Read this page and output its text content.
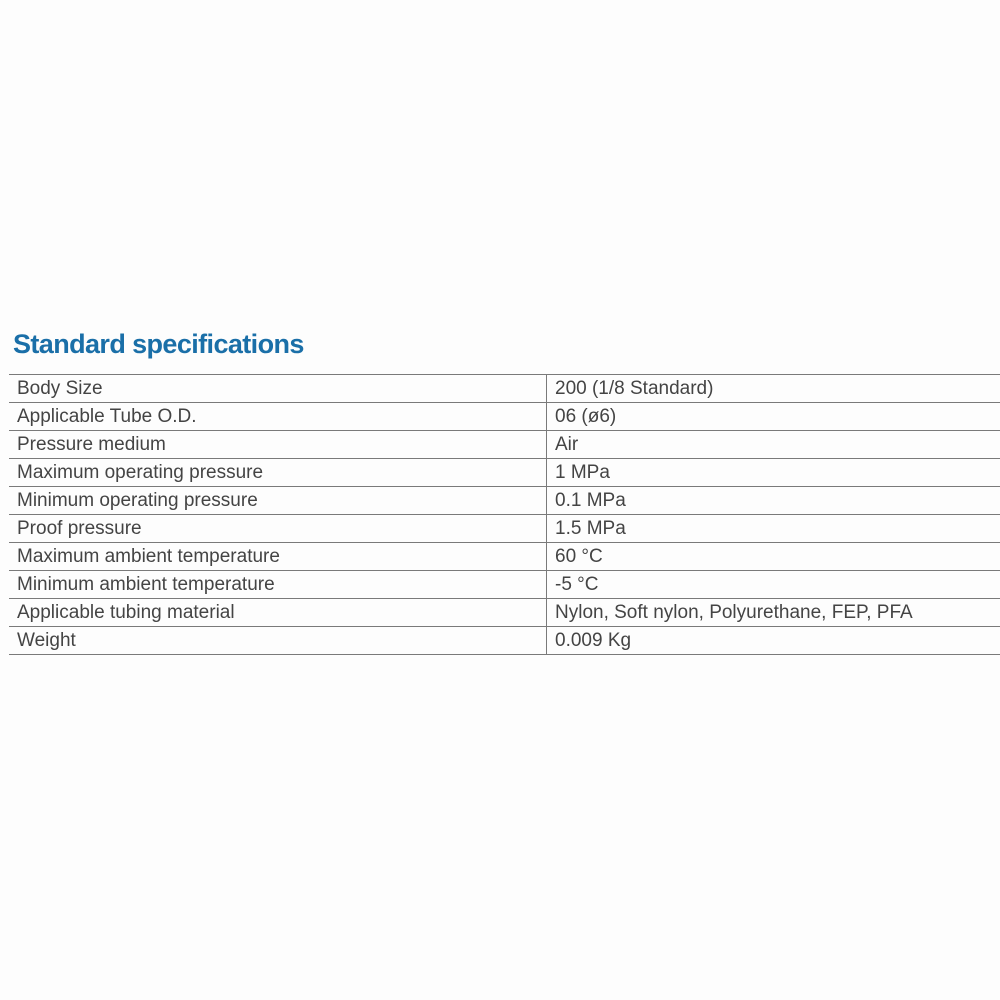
Standard specifications
Body Size	200 (1/8 Standard)
Applicable Tube O.D.	06 (ø6)
Pressure medium	Air
Maximum operating pressure	1 MPa
Minimum operating pressure	0.1 MPa
Proof pressure	1.5 MPa
Maximum ambient temperature	60 °C
Minimum ambient temperature	-5 °C
Applicable tubing material	Nylon, Soft nylon, Polyurethane, FEP, PFA
Weight	0.009 Kg
